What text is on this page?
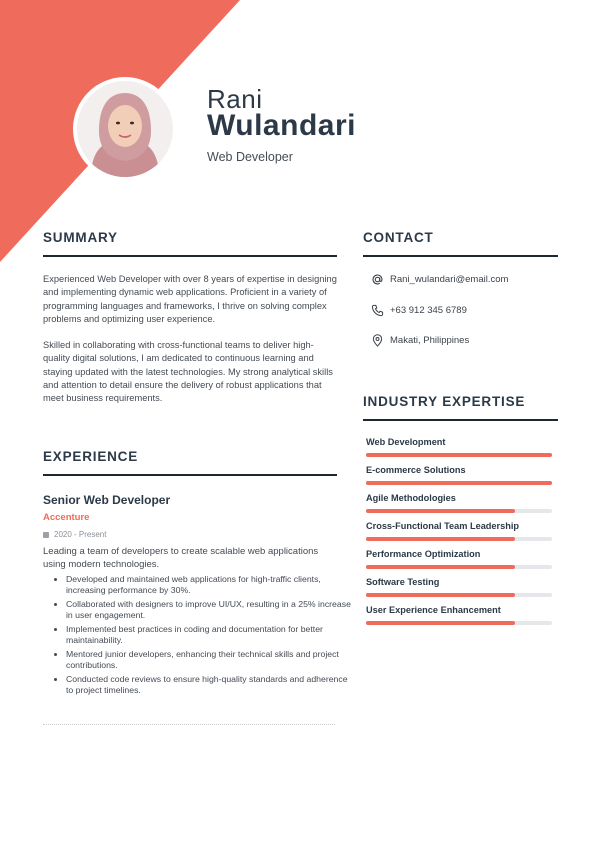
Rani
Wulandari
Web Developer
SUMMARY
Experienced Web Developer with over 8 years of expertise in designing and implementing dynamic web applications. Proficient in a variety of programming languages and frameworks, I thrive on solving complex problems and optimizing user experience.
Skilled in collaborating with cross-functional teams to deliver high-quality digital solutions, I am dedicated to continuous learning and staying updated with the latest technologies. My strong analytical skills and attention to detail ensure the delivery of robust applications that meet business requirements.
EXPERIENCE
Senior Web Developer
Accenture
2020 - Present
Leading a team of developers to create scalable web applications using modern technologies.
• Developed and maintained web applications for high-traffic clients, increasing performance by 30%.
• Collaborated with designers to improve UI/UX, resulting in a 25% increase in user engagement.
• Implemented best practices in coding and documentation for better maintainability.
• Mentored junior developers, enhancing their technical skills and project contributions.
• Conducted code reviews to ensure high-quality standards and adherence to project timelines.
CONTACT
Rani_wulandari@email.com
+63 912 345 6789
Makati, Philippines
INDUSTRY EXPERTISE
Web Development
E-commerce Solutions
Agile Methodologies
Cross-Functional Team Leadership
Performance Optimization
Software Testing
User Experience Enhancement
